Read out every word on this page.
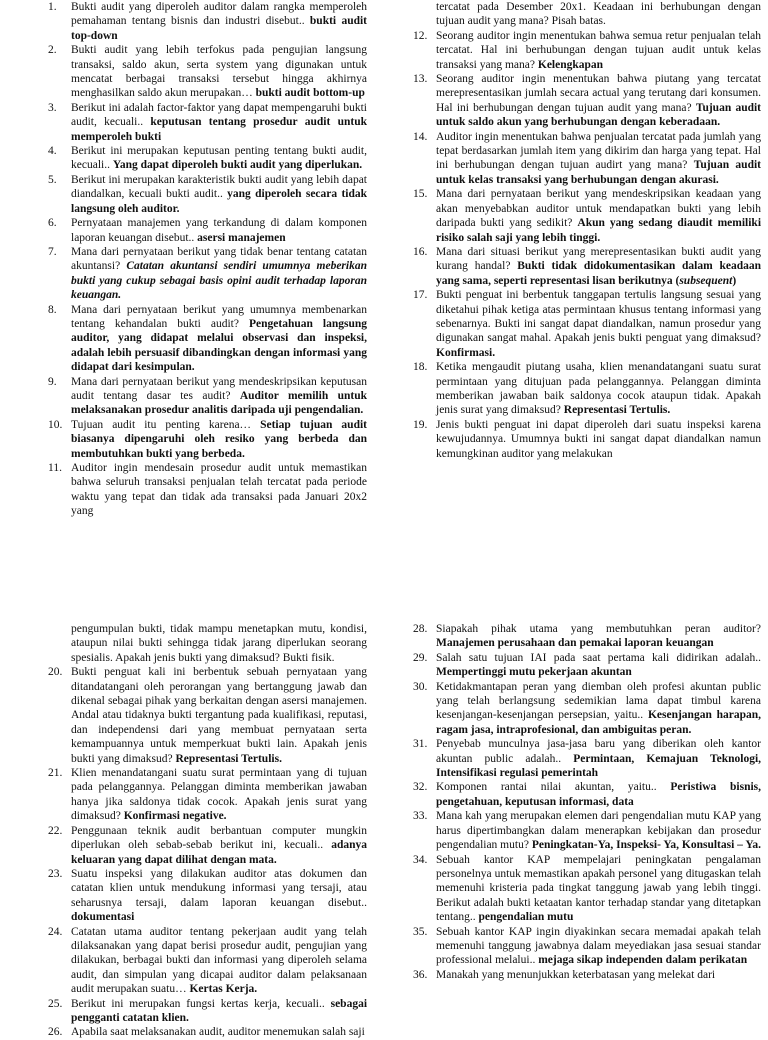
1. Bukti audit yang diperoleh auditor dalam rangka memperoleh pemahaman tentang bisnis dan industri disebut.. bukti audit top-down

2. Bukti audit yang lebih terfokus pada pengujian langsung transaksi, saldo akun, serta system yang digunakan untuk mencatat berbagai transaksi tersebut hingga akhirnya menghasilkan saldo akun merupakan… bukti audit bottom-up

3. Berikut ini adalah factor-faktor yang dapat mempengaruhi bukti audit, kecuali.. keputusan tentang prosedur audit untuk memperoleh bukti

4. Berikut ini merupakan keputusan penting tentang bukti audit, kecuali.. Yang dapat diperoleh bukti audit yang diperlukan.

5. Berikut ini merupakan karakteristik bukti audit yang lebih dapat diandalkan, kecuali bukti audit.. yang diperoleh secara tidak langsung oleh auditor.

6. Pernyataan manajemen yang terkandung di dalam komponen laporan keuangan disebut.. asersi manajemen

7. Mana dari pernyataan berikut yang tidak benar tentang catatan akuntansi? Catatan akuntansi sendiri umumnya meberikan bukti yang cukup sebagai basis opini audit terhadap laporan keuangan.

8. Mana dari pernyataan berikut yang umumnya membenarkan tentang kehandalan bukti audit? Pengetahuan langsung auditor, yang didapat melalui observasi dan inspeksi, adalah lebih persuasif dibandingkan dengan informasi yang didapat dari kesimpulan.

9. Mana dari pernyataan berikut yang mendeskripsikan keputusan audit tentang dasar tes audit? Auditor memilih untuk melaksanakan prosedur analitis daripada uji pengendalian.

10. Tujuan audit itu penting karena… Setiap tujuan audit biasanya dipengaruhi oleh resiko yang berbeda dan membutuhkan bukti yang berbeda.

11. Auditor ingin mendesain prosedur audit untuk memastikan bahwa seluruh transaksi penjualan telah tercatat pada periode waktu yang tepat dan tidak ada transaksi pada Januari 20x2 yang

tercatat pada Desember 20x1. Keadaan ini berhubungan dengan tujuan audit yang mana? Pisah batas.

12. Seorang auditor ingin menentukan bahwa semua retur penjualan telah tercatat. Hal ini berhubungan dengan tujuan audit untuk kelas transaksi yang mana? Kelengkapan

13. Seorang auditor ingin menentukan bahwa piutang yang tercatat merepresentasikan jumlah secara actual yang terutang dari konsumen. Hal ini berhubungan dengan tujuan audit yang mana? Tujuan audit untuk saldo akun yang berhubungan dengan keberadaan.

14. Auditor ingin menentukan bahwa penjualan tercatat pada jumlah yang tepat berdasarkan jumlah item yang dikirim dan harga yang tepat. Hal ini berhubungan dengan tujuan audirt yang mana? Tujuan audit untuk kelas transaksi yang berhubungan dengan akurasi.

15. Mana dari pernyataan berikut yang mendeskripsikan keadaan yang akan menyebabkan auditor untuk mendapatkan bukti yang lebih daripada bukti yang sedikit? Akun yang sedang diaudit memiliki risiko salah saji yang lebih tinggi.

16. Mana dari situasi berikut yang merepresentasikan bukti audit yang kurang handal? Bukti tidak didokumentasikan dalam keadaan yang sama, seperti representasi lisan berikutnya (subsequent)

17. Bukti penguat ini berbentuk tanggapan tertulis langsung sesuai yang diketahui pihak ketiga atas permintaan khusus tentang informasi yang sebenarnya. Bukti ini sangat dapat diandalkan, namun prosedur yang digunakan sangat mahal. Apakah jenis bukti penguat yang dimaksud? Konfirmasi.

18. Ketika mengaudit piutang usaha, klien menandatangani suatu surat permintaan yang ditujuan pada pelanggannya. Pelanggan diminta memberikan jawaban baik saldonya cocok ataupun tidak. Apakah jenis surat yang dimaksud? Representasi Tertulis.

19. Jenis bukti penguat ini dapat diperoleh dari suatu inspeksi karena kewujudannya. Umumnya bukti ini sangat dapat diandalkan namun kemungkinan auditor yang melakukan

pengumpulan bukti, tidak mampu menetapkan mutu, kondisi, ataupun nilai bukti sehingga tidak jarang diperlukan seorang spesialis. Apakah jenis bukti yang dimaksud? Bukti fisik.

20. Bukti penguat kali ini berbentuk sebuah pernyataan yang ditandatangani oleh perorangan yang bertanggung jawab dan dikenal sebagai pihak yang berkaitan dengan asersi manajemen. Andal atau tidaknya bukti tergantung pada kualifikasi, reputasi, dan independensi dari yang membuat pernyataan serta kemampuannya untuk memperkuat bukti lain. Apakah jenis bukti yang dimaksud? Representasi Tertulis.

21. Klien menandatangani suatu surat permintaan yang di tujuan pada pelanggannya. Pelanggan diminta memberikan jawaban hanya jika saldonya tidak cocok. Apakah jenis surat yang dimaksud? Konfirmasi negative.

22. Penggunaan teknik audit berbantuan computer mungkin diperlukan oleh sebab-sebab berikut ini, kecuali.. adanya keluaran yang dapat dilihat dengan mata.

23. Suatu inspeksi yang dilakukan auditor atas dokumen dan catatan klien untuk mendukung informasi yang tersaji, atau seharusnya tersaji, dalam laporan keuangan disebut.. dokumentasi

24. Catatan utama auditor tentang pekerjaan audit yang telah dilaksanakan yang dapat berisi prosedur audit, pengujian yang dilakukan, berbagai bukti dan informasi yang diperoleh selama audit, dan simpulan yang dicapai auditor dalam pelaksanaan audit merupakan suatu… Kertas Kerja.

25. Berikut ini merupakan fungsi kertas kerja, kecuali.. sebagai pengganti catatan klien.

26. Apabila saat melaksanakan audit, auditor menemukan salah saji

28. Siapakah pihak utama yang membutuhkan peran auditor? Manajemen perusahaan dan pemakai laporan keuangan

29. Salah satu tujuan IAI pada saat pertama kali didirikan adalah.. Mempertinggi mutu pekerjaan akuntan

30. Ketidakmantapan peran yang diemban oleh profesi akuntan public yang telah berlangsung sedemikian lama dapat timbul karena kesenjangan-kesenjangan persepsian, yaitu.. Kesenjangan harapan, ragam jasa, intraprofesional, dan ambiguitas peran.

31. Penyebab munculnya jasa-jasa baru yang diberikan oleh kantor akuntan public adalah.. Permintaan, Kemajuan Teknologi, Intensifikasi regulasi pemerintah

32. Komponen rantai nilai akuntan, yaitu.. Peristiwa bisnis, pengetahuan, keputusan informasi, data

33. Mana kah yang merupakan elemen dari pengendalian mutu KAP yang harus dipertimbangkan dalam menerapkan kebijakan dan prosedur pengendalian mutu? Peningkatan-Ya, Inspeksi- Ya, Konsultasi – Ya.

34. Sebuah kantor KAP mempelajari peningkatan pengalaman personelnya untuk memastikan apakah personel yang ditugaskan telah memenuhi kristeria pada tingkat tanggung jawab yang lebih tinggi. Berikut adalah bukti ketaatan kantor terhadap standar yang ditetapkan tentang.. pengendalian mutu

35. Sebuah kantor KAP ingin diyakinkan secara memadai apakah telah memenuhi tanggung jawabnya dalam meyediakan jasa sesuai standar professional melalui.. mejaga sikap independen dalam perikatan

36. Manakah yang menunjukkan keterbatasan yang melekat dari
